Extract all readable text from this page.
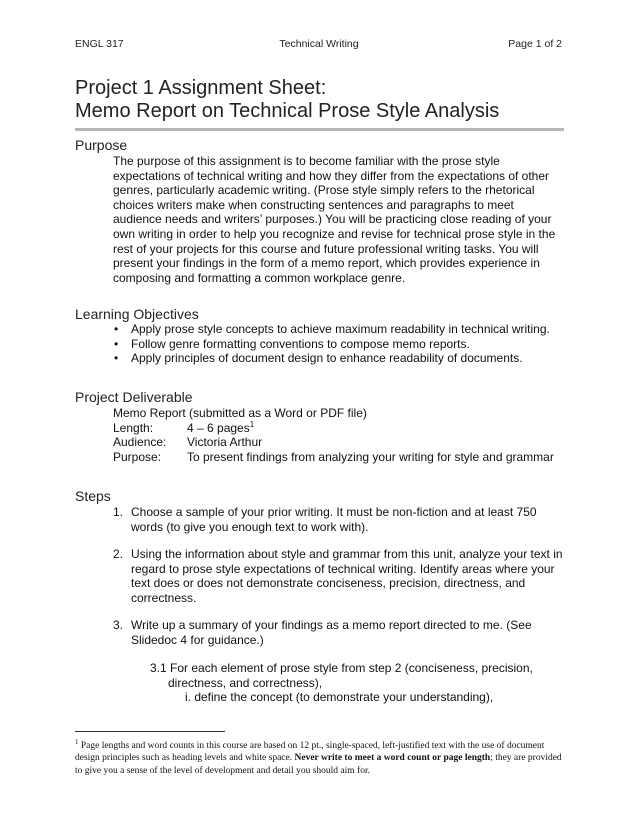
ENGL 317	Technical Writing	Page 1 of 2
Project 1 Assignment Sheet:
Memo Report on Technical Prose Style Analysis
Purpose
The purpose of this assignment is to become familiar with the prose style expectations of technical writing and how they differ from the expectations of other genres, particularly academic writing. (Prose style simply refers to the rhetorical choices writers make when constructing sentences and paragraphs to meet audience needs and writers’ purposes.) You will be practicing close reading of your own writing in order to help you recognize and revise for technical prose style in the rest of your projects for this course and future professional writing tasks. You will present your findings in the form of a memo report, which provides experience in composing and formatting a common workplace genre.
Learning Objectives
• Apply prose style concepts to achieve maximum readability in technical writing.
• Follow genre formatting conventions to compose memo reports.
• Apply principles of document design to enhance readability of documents.
Project Deliverable
Memo Report (submitted as a Word or PDF file)
Length:	4 – 6 pages$^1$
Audience: Victoria Arthur
Purpose: To present findings from analyzing your writing for style and grammar
Steps
1. Choose a sample of your prior writing. It must be non-fiction and at least 750 words (to give you enough text to work with).
2. Using the information about style and grammar from this unit, analyze your text in regard to prose style expectations of technical writing. Identify areas where your text does or does not demonstrate conciseness, precision, directness, and correctness.
3. Write up a summary of your findings as a memo report directed to me. (See Slidedoc 4 for guidance.)
3.1 For each element of prose style from step 2 (conciseness, precision, directness, and correctness),
i. define the concept (to demonstrate your understanding),
$^1$ Page lengths and word counts in this course are based on 12 pt., single-spaced, left-justified text with the use of document design principles such as heading levels and white space. Never write to meet a word count or page length; they are provided to give you a sense of the level of development and detail you should aim for.
